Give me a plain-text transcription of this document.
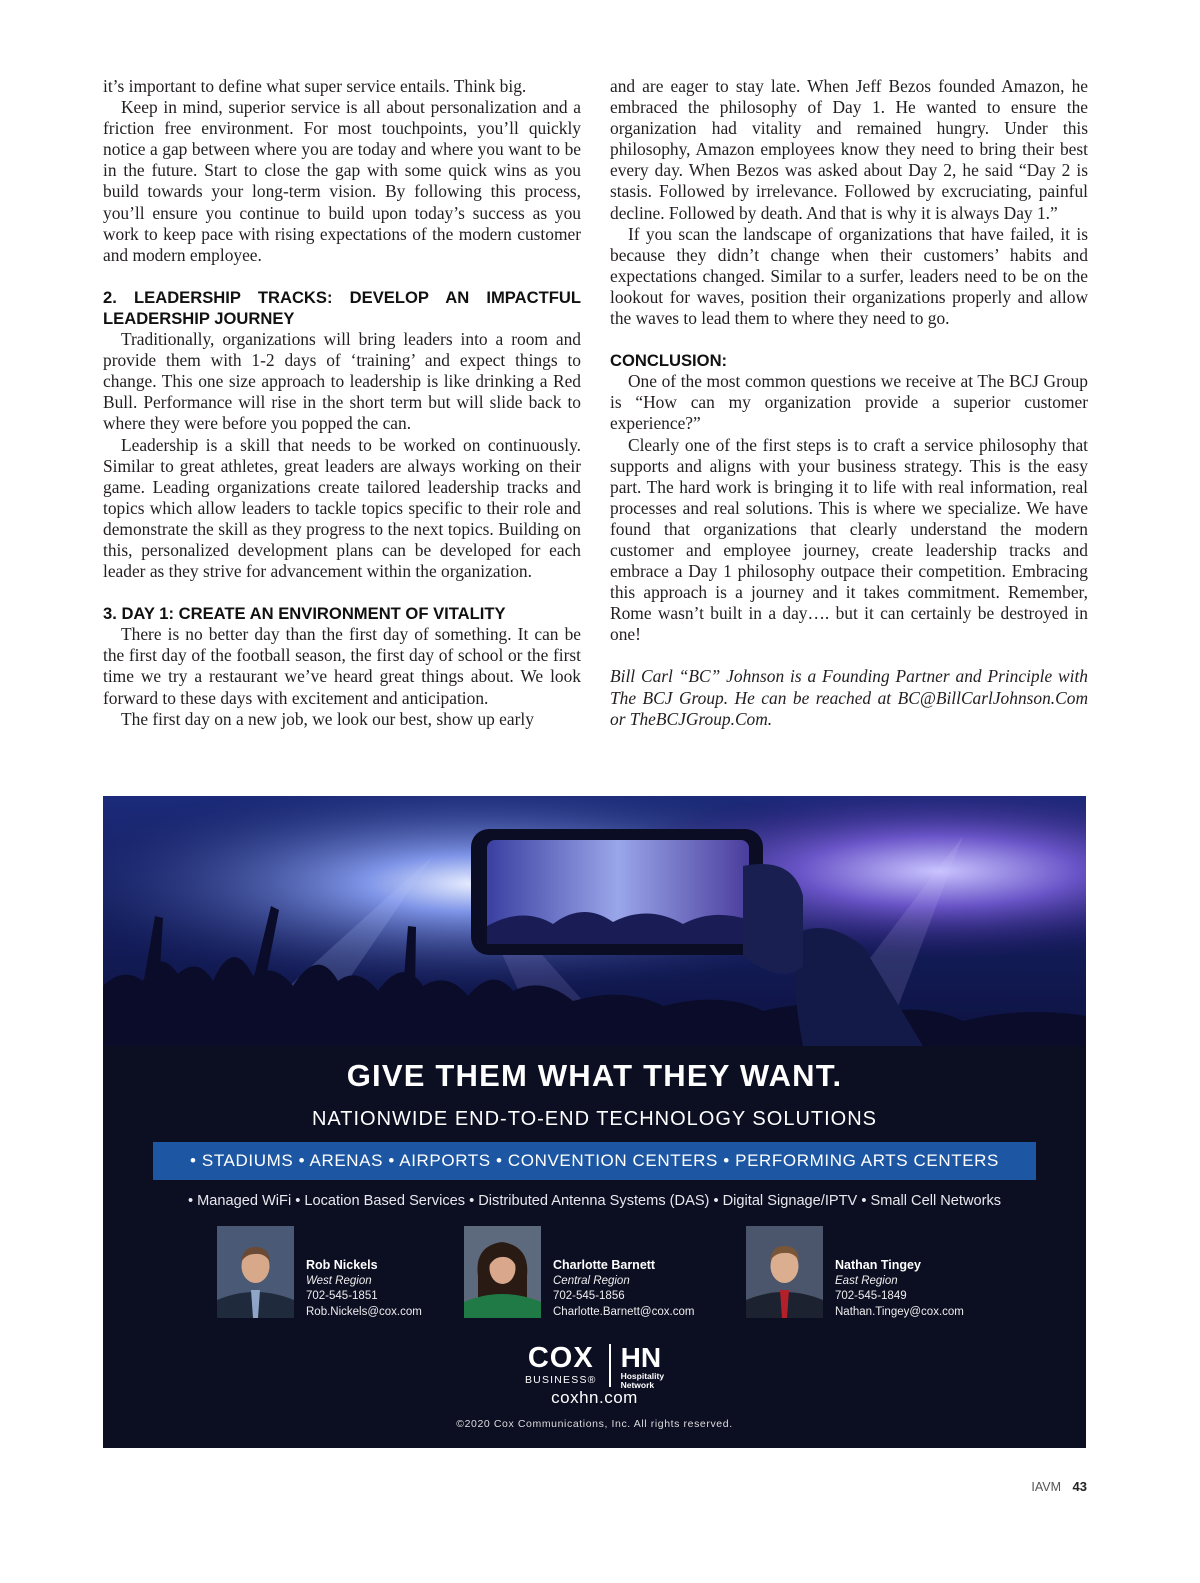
it’s important to define what super service entails. Think big.

Keep in mind, superior service is all about personalization and a friction free environment. For most touchpoints, you’ll quickly notice a gap between where you are today and where you want to be in the future. Start to close the gap with some quick wins as you build towards your long-term vision. By following this process, you’ll ensure you continue to build upon today’s success as you work to keep pace with rising expectations of the modern customer and modern employee.

2. LEADERSHIP TRACKS: DEVELOP AN IMPACTFUL LEADERSHIP JOURNEY

Traditionally, organizations will bring leaders into a room and provide them with 1-2 days of ‘training’ and expect things to change. This one size approach to leadership is like drinking a Red Bull. Performance will rise in the short term but will slide back to where they were before you popped the can.

Leadership is a skill that needs to be worked on continuously. Similar to great athletes, great leaders are always working on their game. Leading organizations create tailored leadership tracks and topics which allow leaders to tackle topics specific to their role and demonstrate the skill as they progress to the next topics. Building on this, personalized development plans can be developed for each leader as they strive for advancement within the organization.

3. DAY 1: CREATE AN ENVIRONMENT OF VITALITY

There is no better day than the first day of something. It can be the first day of the football season, the first day of school or the first time we try a restaurant we’ve heard great things about. We look forward to these days with excitement and anticipation.

The first day on a new job, we look our best, show up early

and are eager to stay late. When Jeff Bezos founded Amazon, he embraced the philosophy of Day 1. He wanted to ensure the organization had vitality and remained hungry. Under this philosophy, Amazon employees know they need to bring their best every day. When Bezos was asked about Day 2, he said “Day 2 is stasis. Followed by irrelevance. Followed by excruciating, painful decline. Followed by death. And that is why it is always Day 1.”

If you scan the landscape of organizations that have failed, it is because they didn’t change when their customers’ habits and expectations changed. Similar to a surfer, leaders need to be on the lookout for waves, position their organizations properly and allow the waves to lead them to where they need to go.

CONCLUSION:

One of the most common questions we receive at The BCJ Group is “How can my organization provide a superior customer experience?”

Clearly one of the first steps is to craft a service philosophy that supports and aligns with your business strategy. This is the easy part. The hard work is bringing it to life with real information, real processes and real solutions. This is where we specialize. We have found that organizations that clearly understand the modern customer and employee journey, create leadership tracks and embrace a Day 1 philosophy outpace their competition. Embracing this approach is a journey and it takes commitment. Remember, Rome wasn’t built in a day…. but it can certainly be destroyed in one!

Bill Carl “BC” Johnson is a Founding Partner and Principle with The BCJ Group. He can be reached at BC@BillCarlJohnson.Com or TheBCJGroup.Com.

GIVE THEM WHAT THEY WANT.
NATIONWIDE END-TO-END TECHNOLOGY SOLUTIONS
• STADIUMS • ARENAS • AIRPORTS • CONVENTION CENTERS • PERFORMING ARTS CENTERS
• Managed WiFi • Location Based Services • Distributed Antenna Systems (DAS) • Digital Signage/IPTV • Small Cell Networks
Rob Nickels
West Region
702-545-1851
Rob.Nickels@cox.com
Charlotte Barnett
Central Region
702-545-1856
Charlotte.Barnett@cox.com
Nathan Tingey
East Region
702-545-1849
Nathan.Tingey@cox.com
COX
BUSINESS®
HN
Hospitality
Network
coxhn.com
©2020 Cox Communications, Inc. All rights reserved.
IAVM 43
